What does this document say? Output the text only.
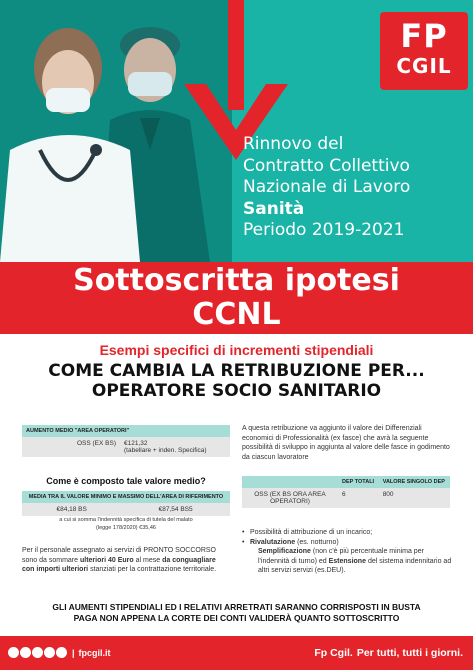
FP
CGIL
Rinnovo del
Contratto Collettivo
Nazionale di Lavoro
Sanità
Periodo 2019-2021
Sottoscritta ipotesi
CCNL
Esempi specifici di incrementi stipendiali
COME CAMBIA LA RETRIBUZIONE PER...
OPERATORE SOCIO SANITARIO
AUMENTO MEDIO "AREA OPERATORI"
OSS (EX BS)	€121,32
(tabellare + inden. Specifica)
Come è composto tale valore medio?
MEDIA TRA IL VALORE MINIMO E MASSIMO DELL'AREA DI RIFERIMENTO
€84,18 BS	€87,54 BS5
a cui si somma l'indennità specifica di tutela del malato
(legge 178/2020) €35,46
A questa retribuzione va aggiunto il valore dei Differenziali economici di Professionalità (ex fasce) che avrà la seguente possibilità di sviluppo in aggiunta al valore delle fasce in godimento da ciascun lavoratore
	DEP TOTALI	VALORE SINGOLO DEP
OSS (EX BS ORA AREA OPERATORI)	6	800
• Possibilità di attribuzione di un incarico;
• Rivalutazione (es. notturno)
Semplificazione (non c'è più percentuale minima per l'indennità di turno) ed Estensione del sistema indennitario ad altri servizi servizi (es.DEU).
Per il personale assegnato ai servizi di PRONTO SOCCORSO sono da sommare ulteriori 40 Euro al mese da conguagliare con importi ulteriori stanziati per la contrattazione territoriale.
GLI AUMENTI STIPENDIALI ED I RELATIVI ARRETRATI SARANNO CORRISPOSTI IN BUSTA PAGA NON APPENA LA CORTE DEI CONTI VALIDERÀ QUANTO SOTTOSCRITTO
| fpcgil.it	Fp Cgil. Per tutti, tutti i giorni.
